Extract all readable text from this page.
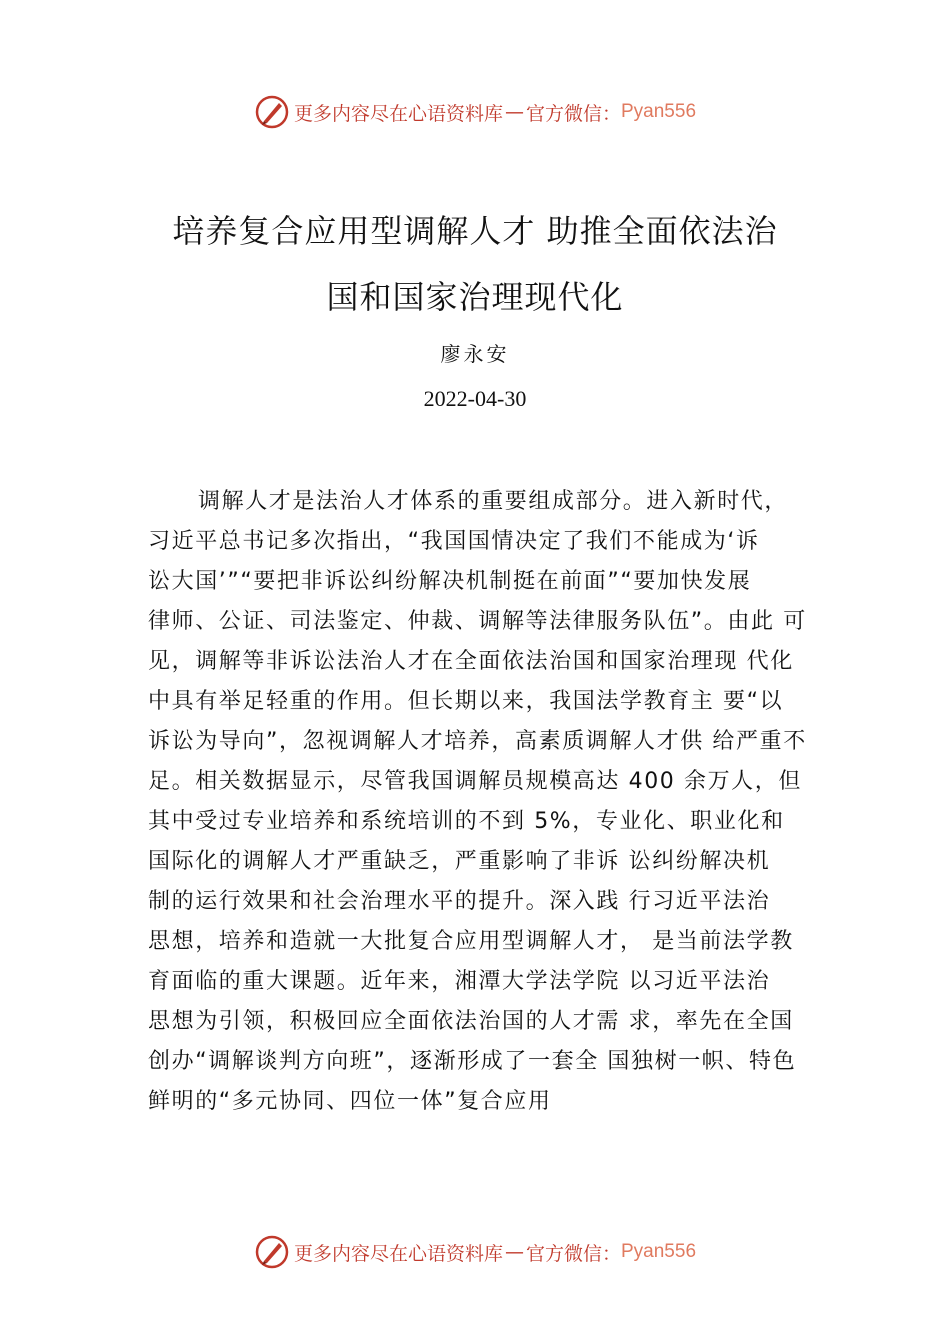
更多内容尽在心语资料库 — 官方微信： Pyan556
培养复合应用型调解人才 助推全面依法治
国和国家治理现代化
廖永安
2022-04-30
调解人才是法治人才体系的重要组成部分。进入新时代，
习近平总书记多次指出，“我国国情决定了我们不能成为‘诉
讼大国’”“要把非诉讼纠纷解决机制挺在前面”“要加快发展
律师、公证、司法鉴定、仲裁、调解等法律服务队伍”。由此 可
见，调解等非诉讼法治人才在全面依法治国和国家治理现 代化
中具有举足轻重的作用。但长期以来，我国法学教育主 要“以
诉讼为导向”，忽视调解人才培养，高素质调解人才供 给严重不
足。相关数据显示，尽管我国调解员规模高达 400 余万人，但
其中受过专业培养和系统培训的不到 5%，专业化、职业化和
国际化的调解人才严重缺乏，严重影响了非诉 讼纠纷解决机
制的运行效果和社会治理水平的提升。深入践 行习近平法治
思想，培养和造就一大批复合应用型调解人才， 是当前法学教
育面临的重大课题。近年来，湘潭大学法学院 以习近平法治
思想为引领，积极回应全面依法治国的人才需 求，率先在全国
创办“调解谈判方向班”，逐渐形成了一套全 国独树一帜、特色
鲜明的“多元协同、四位一体”复合应用
更多内容尽在心语资料库 — 官方微信： Pyan556
